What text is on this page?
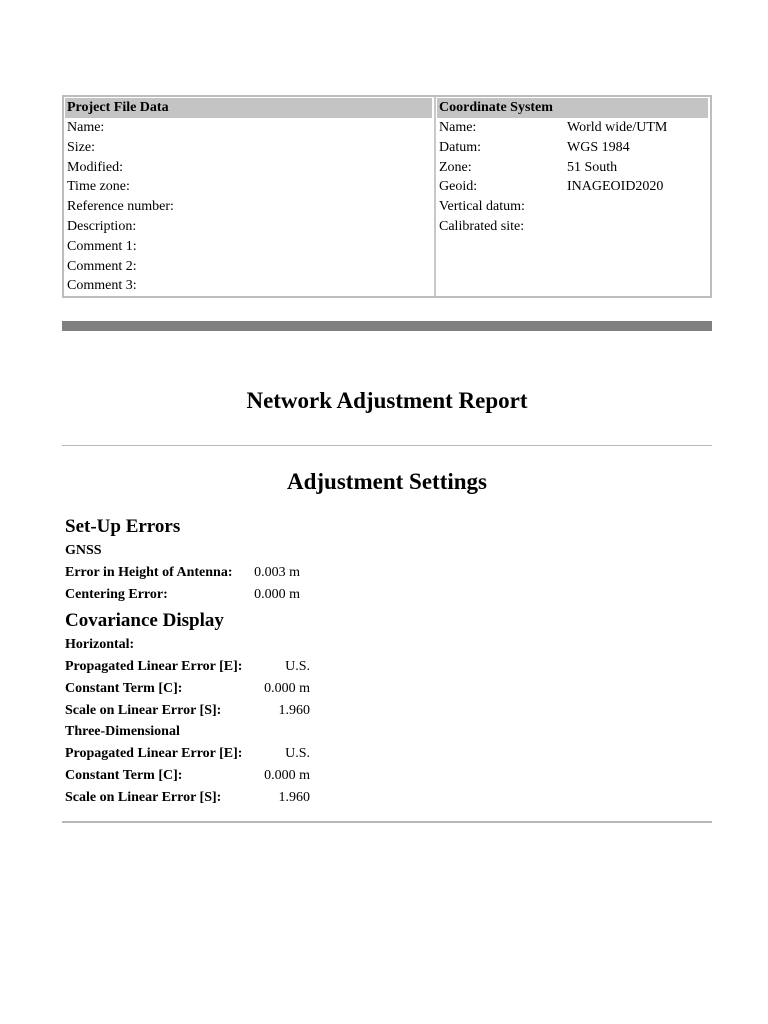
Project File Data
Name:
Size:
Modified:
Time zone:
Reference number:
Description:
Comment 1:
Comment 2:
Comment 3:
Coordinate System
Name:	World wide/UTM
Datum:	WGS 1984
Zone:	51 South
Geoid:	INAGEOID2020
Vertical datum:
Calibrated site:
Network Adjustment Report
Adjustment Settings
Set-Up Errors
GNSS
Error in Height of Antenna:	0.003 m
Centering Error:	0.000 m
Covariance Display
Horizontal:
Propagated Linear Error [E]:	U.S.
Constant Term [C]:	0.000 m
Scale on Linear Error [S]:	1.960
Three-Dimensional
Propagated Linear Error [E]:	U.S.
Constant Term [C]:	0.000 m
Scale on Linear Error [S]:	1.960
